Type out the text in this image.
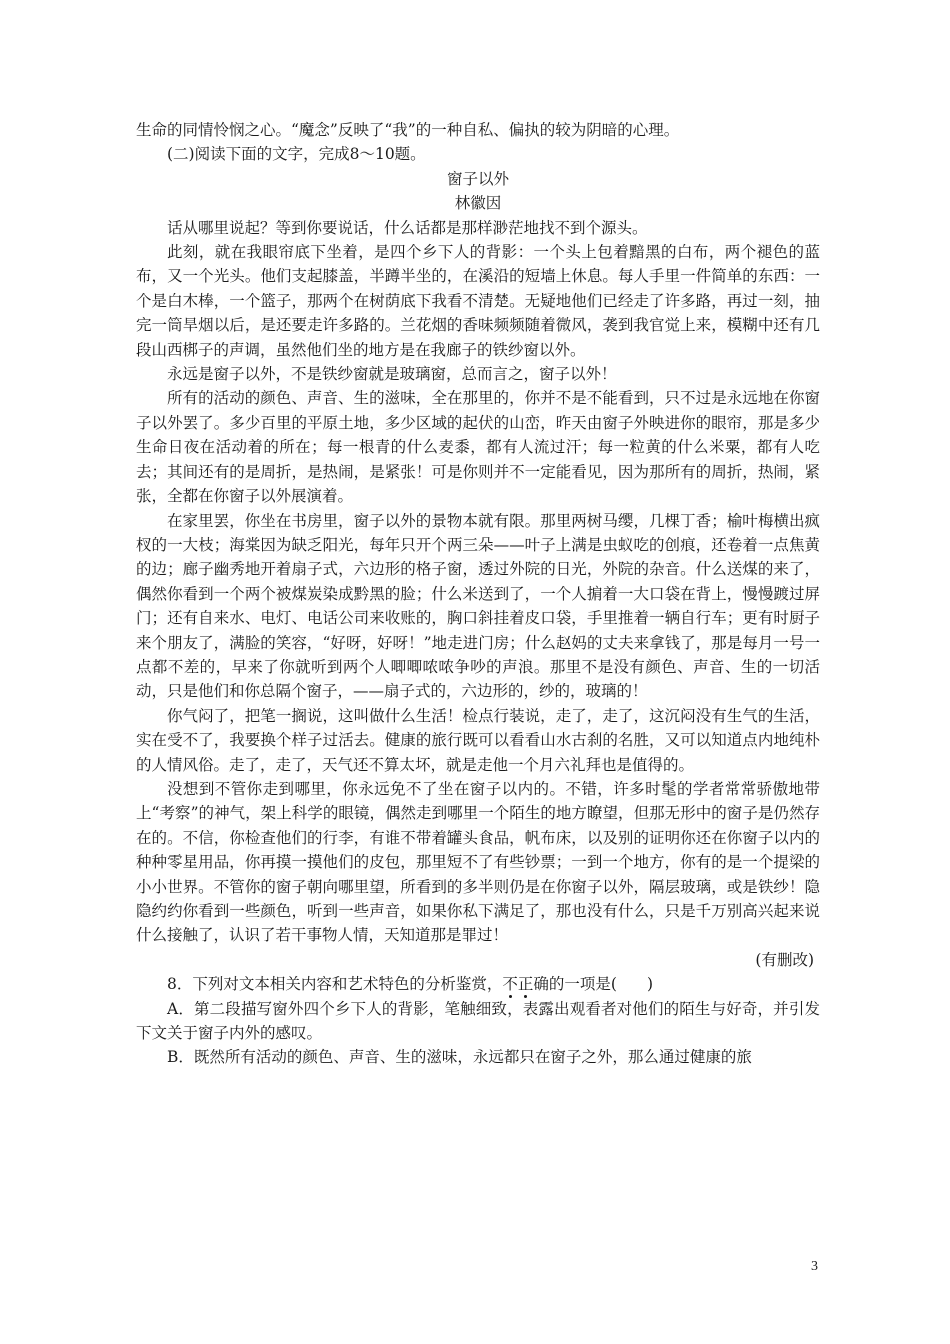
生命的同情怜悯之心。“魔念”反映了“我”的一种自私、偏执的较为阴暗的心理。

(二)阅读下面的文字，完成8～10题。

窗子以外

林徽因

话从哪里说起？等到你要说话，什么话都是那样渺茫地找不到个源头。

此刻，就在我眼帘底下坐着，是四个乡下人的背影：一个头上包着黯黑的白布，两个褪色的蓝布，又一个光头。他们支起膝盖，半蹲半坐的，在溪沿的短墙上休息。每人手里一件简单的东西：一个是白木棒，一个篮子，那两个在树荫底下我看不清楚。无疑地他们已经走了许多路，再过一刻，抽完一筒旱烟以后，是还要走许多路的。兰花烟的香味频频随着微风，袭到我官觉上来，模糊中还有几段山西梆子的声调，虽然他们坐的地方是在我廊子的铁纱窗以外。

永远是窗子以外，不是铁纱窗就是玻璃窗，总而言之，窗子以外！

所有的活动的颜色、声音、生的滋味，全在那里的，你并不是不能看到，只不过是永远地在你窗子以外罢了。多少百里的平原土地，多少区域的起伏的山峦，昨天由窗子外映进你的眼帘，那是多少生命日夜在活动着的所在；每一根青的什么麦黍，都有人流过汗；每一粒黄的什么米粟，都有人吃去；其间还有的是周折，是热闹，是紧张！可是你则并不一定能看见，因为那所有的周折，热闹，紧张，全都在你窗子以外展演着。

在家里罢，你坐在书房里，窗子以外的景物本就有限。那里两树马缨，几棵丁香；榆叶梅横出疯杈的一大枝；海棠因为缺乏阳光，每年只开个两三朵——叶子上满是虫蚁吃的创痕，还卷着一点焦黄的边；廊子幽秀地开着扇子式，六边形的格子窗，透过外院的日光，外院的杂音。什么送煤的来了，偶然你看到一个两个被煤炭染成黔黑的脸；什么米送到了，一个人掮着一大口袋在背上，慢慢踱过屏门；还有自来水、电灯、电话公司来收账的，胸口斜挂着皮口袋，手里推着一辆自行车；更有时厨子来个朋友了，满脸的笑容，“好呀，好呀！”地走进门房；什么赵妈的丈夫来拿钱了，那是每月一号一点都不差的，早来了你就听到两个人唧唧哝哝争吵的声浪。那里不是没有颜色、声音、生的一切活动，只是他们和你总隔个窗子，——扇子式的，六边形的，纱的，玻璃的！

你气闷了，把笔一搁说，这叫做什么生活！检点行装说，走了，走了，这沉闷没有生气的生活，实在受不了，我要换个样子过活去。健康的旅行既可以看看山水古刹的名胜，又可以知道点内地纯朴的人情风俗。走了，走了，天气还不算太坏，就是走他一个月六礼拜也是值得的。

没想到不管你走到哪里，你永远免不了坐在窗子以内的。不错，许多时髦的学者常常骄傲地带上“考察”的神气，架上科学的眼镜，偶然走到哪里一个陌生的地方瞭望，但那无形中的窗子是仍然存在的。不信，你检查他们的行李，有谁不带着罐头食品，帆布床，以及别的证明你还在你窗子以内的种种零星用品，你再摸一摸他们的皮包，那里短不了有些钞票；一到一个地方，你有的是一个提梁的小小世界。不管你的窗子朝向哪里望，所看到的多半则仍是在你窗子以外，隔层玻璃，或是铁纱！隐隐约约你看到一些颜色，听到一些声音，如果你私下满足了，那也没有什么，只是千万别高兴起来说什么接触了，认识了若干事物人情，天知道那是罪过！

(有删改)

8．下列对文本相关内容和艺术特色的分析鉴赏，不正确的一项是( )

A．第二段描写窗外四个乡下人的背影，笔触细致，表露出观看者对他们的陌生与好奇，并引发下文关于窗子内外的感叹。

B．既然所有活动的颜色、声音、生的滋味，永远都只在窗子之外，那么通过健康的旅

3
